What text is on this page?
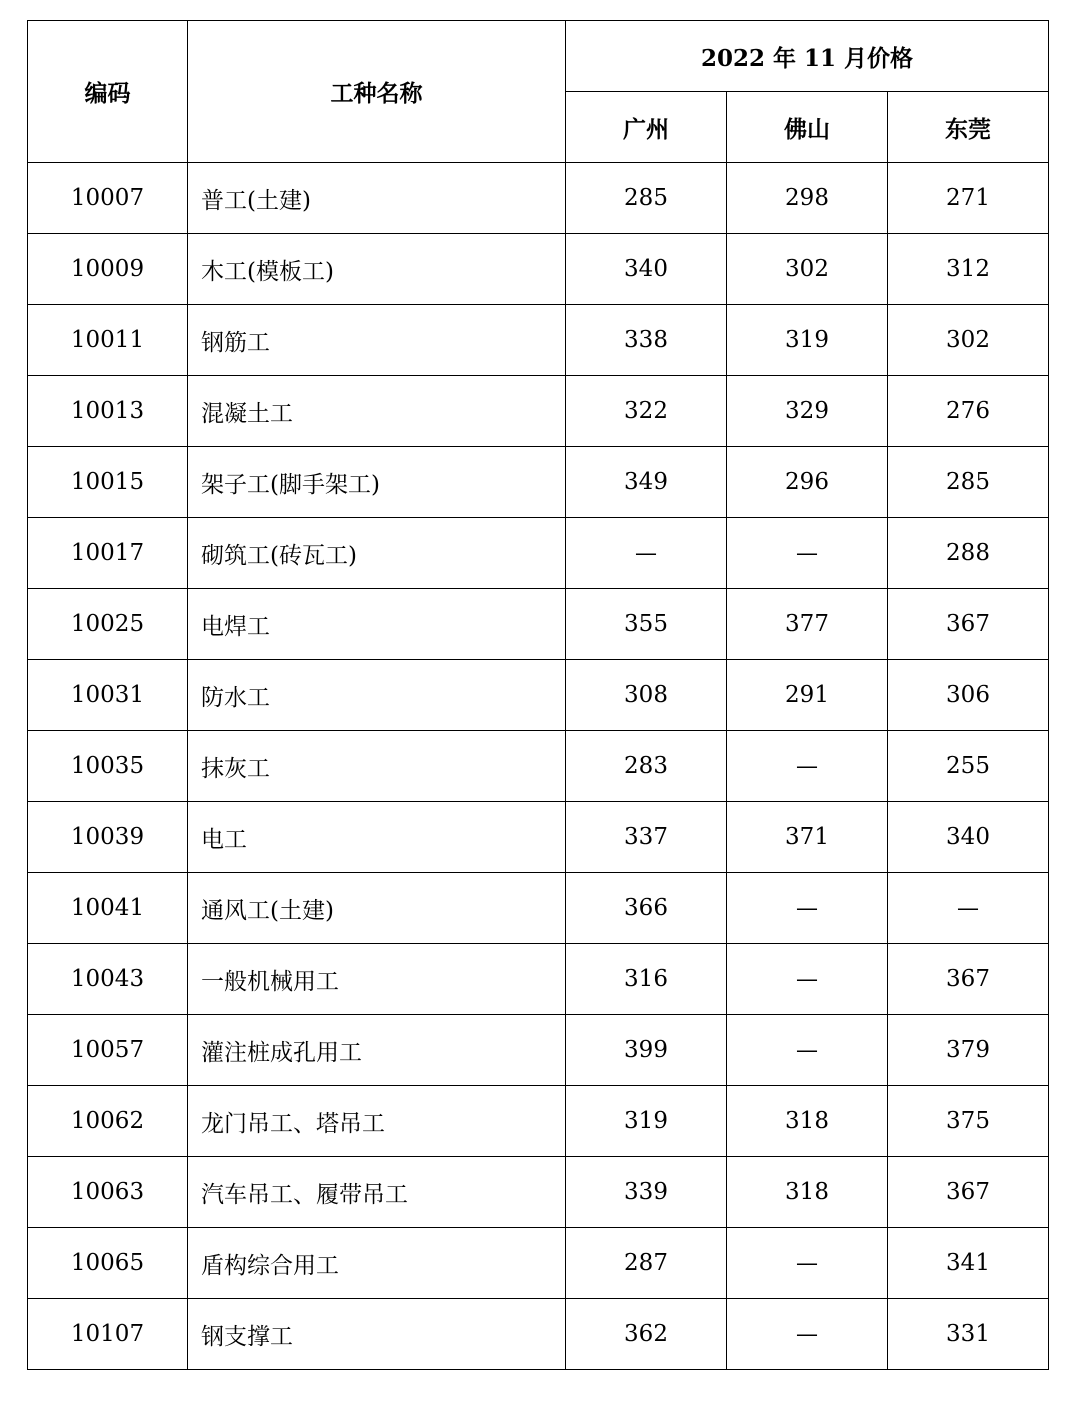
编码	工种名称	2022 年 11 月价格		
		广州	佛山	东莞
10007	普工(土建)	285	298	271
10009	木工(模板工)	340	302	312
10011	钢筋工	338	319	302
10013	混凝土工	322	329	276
10015	架子工(脚手架工)	349	296	285
10017	砌筑工(砖瓦工)	—	—	288
10025	电焊工	355	377	367
10031	防水工	308	291	306
10035	抹灰工	283	—	255
10039	电工	337	371	340
10041	通风工(土建)	366	—	—
10043	一般机械用工	316	—	367
10057	灌注桩成孔用工	399	—	379
10062	龙门吊工、塔吊工	319	318	375
10063	汽车吊工、履带吊工	339	318	367
10065	盾构综合用工	287	—	341
10107	钢支撑工	362	—	331
